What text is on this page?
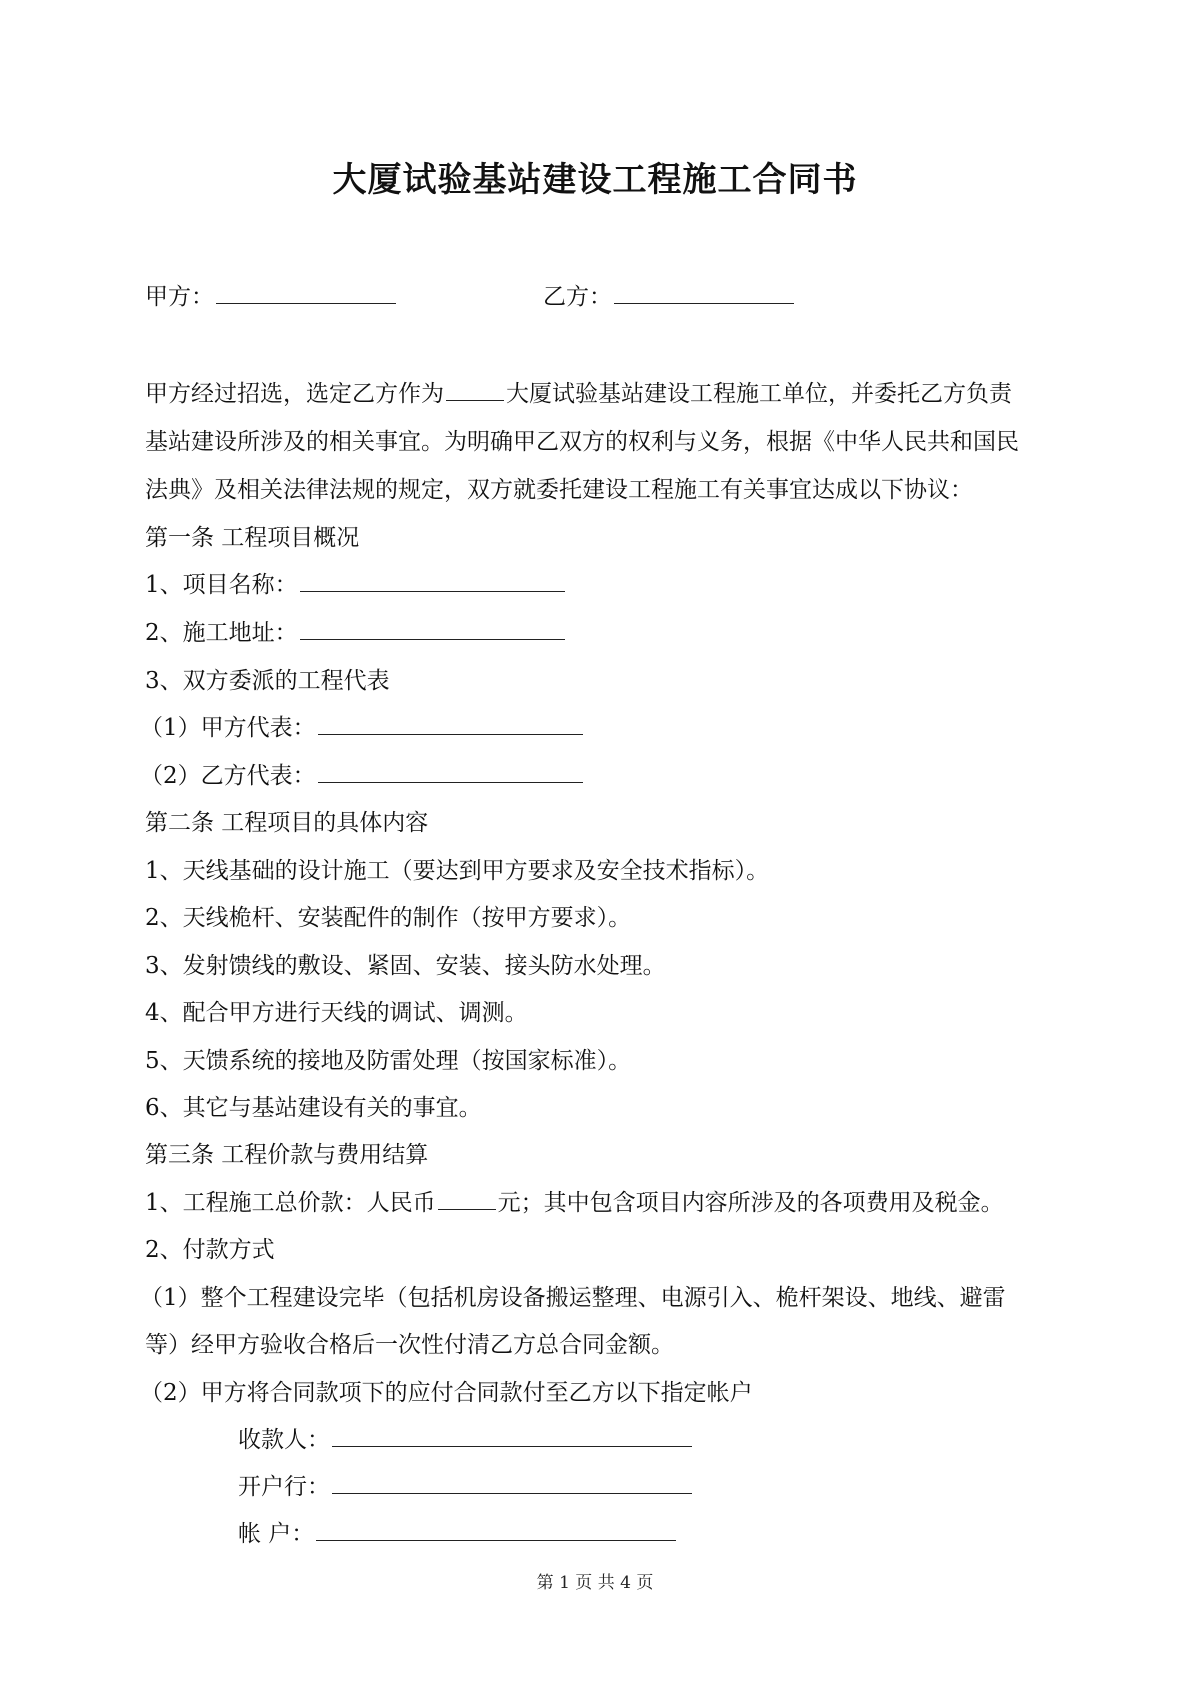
大厦试验基站建设工程施工合同书
甲方：	乙方：
甲方经过招选，选定乙方作为	大厦试验基站建设工程施工单位，并委托乙方负责
基站建设所涉及的相关事宜。为明确甲乙双方的权利与义务，根据《中华人民共和国民
法典》及相关法律法规的规定，双方就委托建设工程施工有关事宜达成以下协议：
第一条 工程项目概况
1、项目名称：
2、施工地址：
3、双方委派的工程代表
（1）甲方代表：
（2）乙方代表：
第二条 工程项目的具体内容
1、天线基础的设计施工（要达到甲方要求及安全技术指标）。
2、天线桅杆、安装配件的制作（按甲方要求）。
3、发射馈线的敷设、紧固、安装、接头防水处理。
4、配合甲方进行天线的调试、调测。
5、天馈系统的接地及防雷处理（按国家标准）。
6、其它与基站建设有关的事宜。
第三条 工程价款与费用结算
1、工程施工总价款：人民币	元；其中包含项目内容所涉及的各项费用及税金。
2、付款方式
（1）整个工程建设完毕（包括机房设备搬运整理、电源引入、桅杆架设、地线、避雷
等）经甲方验收合格后一次性付清乙方总合同金额。
（2）甲方将合同款项下的应付合同款付至乙方以下指定帐户
收款人：
开户行：
帐 户：
第 1 页 共 4 页
